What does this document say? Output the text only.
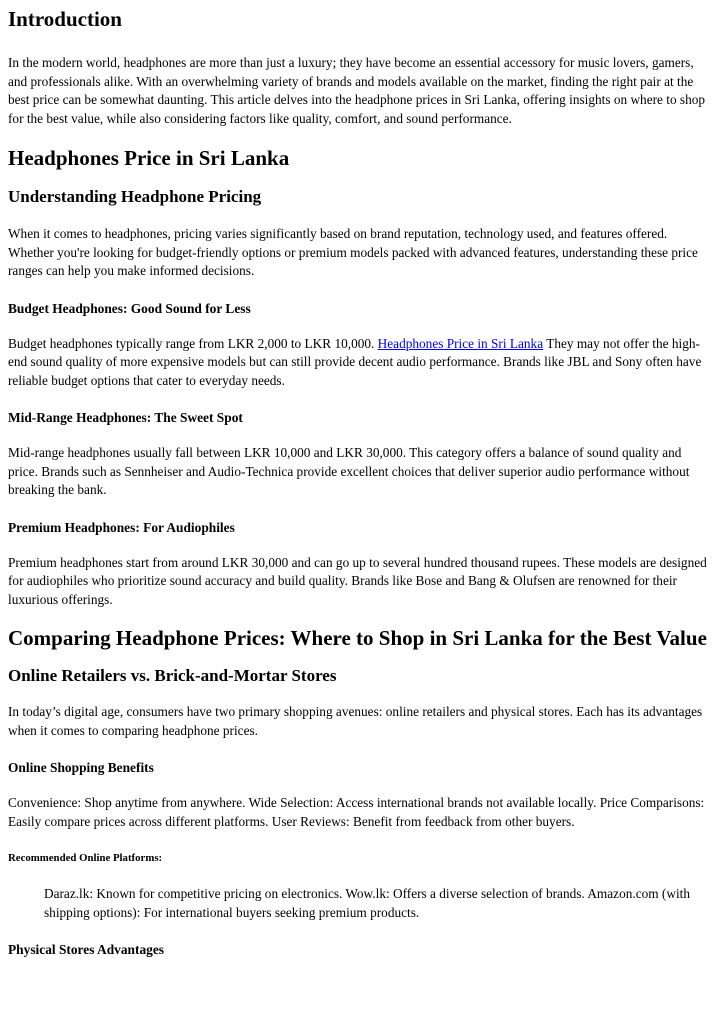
Introduction

In the modern world, headphones are more than just a luxury; they have become an essential accessory for music lovers, gamers, and professionals alike. With an overwhelming variety of brands and models available on the market, finding the right pair at the best price can be somewhat daunting. This article delves into the headphone prices in Sri Lanka, offering insights on where to shop for the best value, while also considering factors like quality, comfort, and sound performance.

Headphones Price in Sri Lanka
Understanding Headphone Pricing

When it comes to headphones, pricing varies significantly based on brand reputation, technology used, and features offered. Whether you're looking for budget-friendly options or premium models packed with advanced features, understanding these price ranges can help you make informed decisions.

Budget Headphones: Good Sound for Less

Budget headphones typically range from LKR 2,000 to LKR 10,000. Headphones Price in Sri Lanka They may not offer the high-end sound quality of more expensive models but can still provide decent audio performance. Brands like JBL and Sony often have reliable budget options that cater to everyday needs.

Mid-Range Headphones: The Sweet Spot

Mid-range headphones usually fall between LKR 10,000 and LKR 30,000. This category offers a balance of sound quality and price. Brands such as Sennheiser and Audio-Technica provide excellent choices that deliver superior audio performance without breaking the bank.

Premium Headphones: For Audiophiles

Premium headphones start from around LKR 30,000 and can go up to several hundred thousand rupees. These models are designed for audiophiles who prioritize sound accuracy and build quality. Brands like Bose and Bang & Olufsen are renowned for their luxurious offerings.

Comparing Headphone Prices: Where to Shop in Sri Lanka for the Best Value
Online Retailers vs. Brick-and-Mortar Stores

In today’s digital age, consumers have two primary shopping avenues: online retailers and physical stores. Each has its advantages when it comes to comparing headphone prices.

Online Shopping Benefits

Convenience: Shop anytime from anywhere. Wide Selection: Access international brands not available locally. Price Comparisons: Easily compare prices across different platforms. User Reviews: Benefit from feedback from other buyers.

Recommended Online Platforms:

Daraz.lk: Known for competitive pricing on electronics. Wow.lk: Offers a diverse selection of brands. Amazon.com (with shipping options): For international buyers seeking premium products.

Physical Stores Advantages
